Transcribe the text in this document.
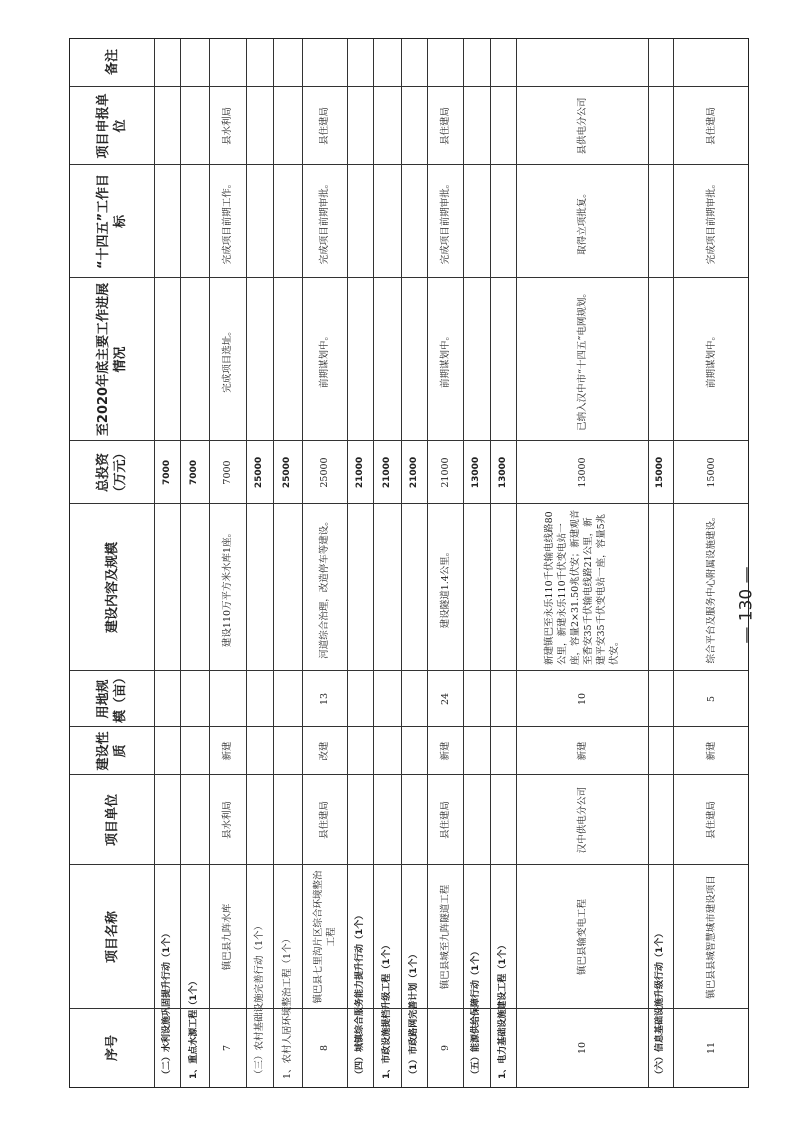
序号
项目名称
项目单位
建设性质
用地规模（亩）
建设内容及规模
总投资（万元）
至2020年底主要工作进展情况
“十四五”工作目标
项目申报单位
备注
（二）水利设施巩固提升行动（1个）
7000
1、重点水源工程（1个）
7000
7
镇巴县九阵水库
县水利局
新建
建设110万平方米水库1座。
7000
完成项目选址。
完成项目前期工作。
县水利局
（三）农村基础设施完善行动（1个）
25000
1、农村人居环境整治工程（1个）
25000
8
镇巴县七里沟片区综合环境整治工程
县住建局
改建
13
河道综合治理，改造停车等建设。
25000
前期谋划中。
完成项目前期审批。
县住建局
（四）城镇综合服务能力提升行动（1个）
21000
1、市政设施提档升级工程（1个）
21000
（1）市政路网完善计划（1个）
21000
9
镇巴县城至九阵隧道工程
县住建局
新建
24
建设隧道1.4公里。
21000
前期谋划中。
完成项目前期审批。
县住建局
（五）能源供给保障行动（1个）
13000
1、电力基础设施建设工程（1个）
13000
10
镇巴县输变电工程
汉中供电分公司
新建
10
新建镇巴至永乐110千伏输电线路80公里，新建永乐110千伏变电站一座，容量2×31.50兆伏安；新建观音至香安35千伏输电线路21公里，新建平安35千伏变电站一座，容量5兆伏安。
13000
已纳入汉中市“十四五”电网规划。
取得立项批复。
县供电分公司
（六）信息基础设施升级行动（1个）
15000
11
镇巴县县城智慧城市建设项目
县住建局
新建
5
综合平台及服务中心附属设施建设。
15000
前期谋划中。
完成项目前期审批。
县住建局
— 130 —
